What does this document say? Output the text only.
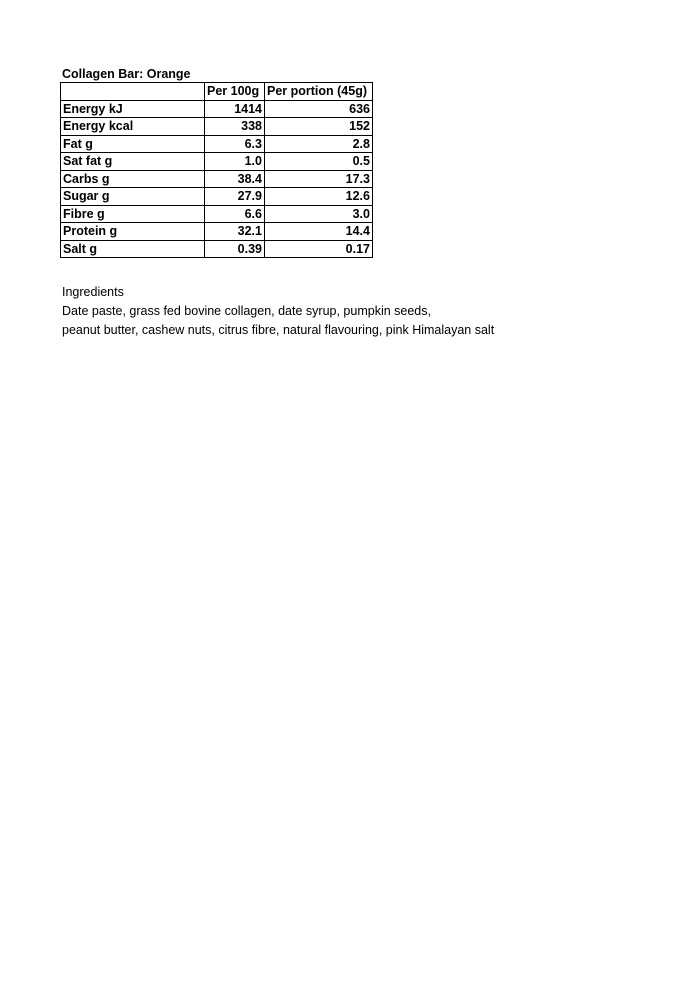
Collagen Bar: Orange
	Per 100g	Per portion (45g)
Energy kJ	1414	636
Energy kcal	338	152
Fat g	6.3	2.8
Sat fat g	1.0	0.5
Carbs g	38.4	17.3
Sugar g	27.9	12.6
Fibre g	6.6	3.0
Protein g	32.1	14.4
Salt g	0.39	0.17
Ingredients
Date paste, grass fed bovine collagen, date syrup, pumpkin seeds,
peanut butter, cashew nuts, citrus fibre, natural flavouring, pink Himalayan salt
